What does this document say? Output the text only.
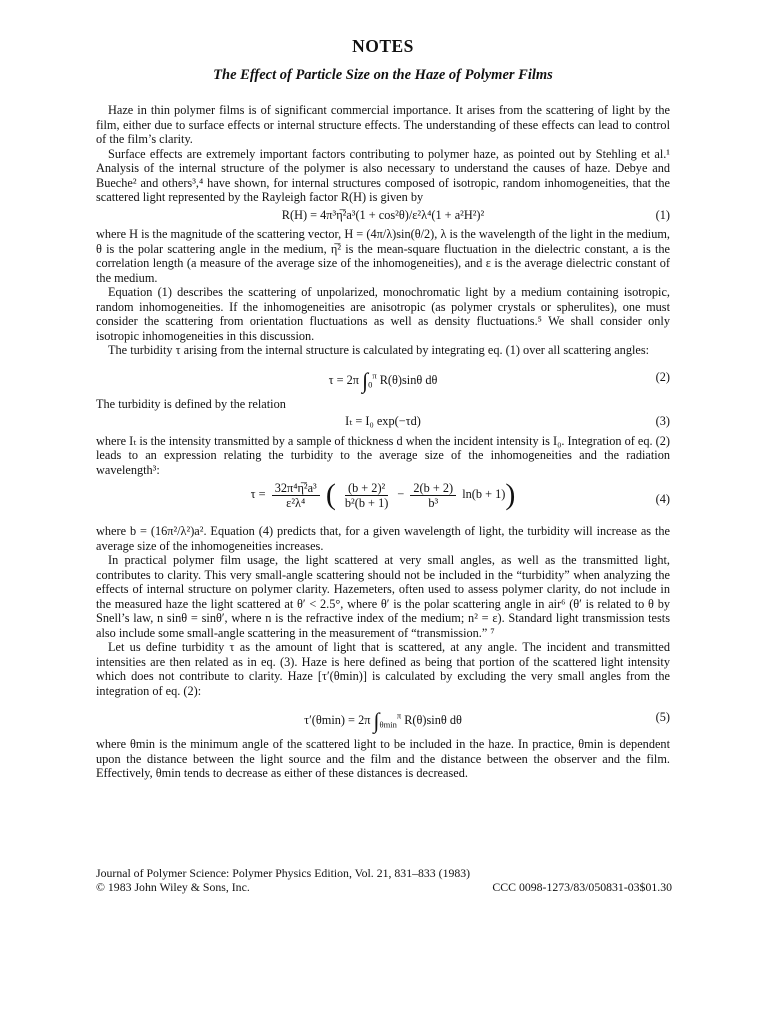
NOTES
The Effect of Particle Size on the Haze of Polymer Films

Haze in thin polymer films is of significant commercial importance. It arises from the scattering of light by the film, either due to surface effects or internal structure effects. The understanding of these effects can lead to control of the film’s clarity.

Surface effects are extremely important factors contributing to polymer haze, as pointed out by Stehling et al.¹ Analysis of the internal structure of the polymer is also necessary to understand the causes of haze. Debye and Bueche² and others³,⁴ have shown, for internal structures composed of isotropic, random inhomogeneities, that the scattered light represented by the Rayleigh factor R(H) is given by

R(H) = 4π³η̅²a³(1 + cos²θ)/ε²λ⁴(1 + a²H²)²	(1)

where H is the magnitude of the scattering vector, H = (4π/λ)sin(θ/2), λ is the wavelength of the light in the medium, θ is the polar scattering angle in the medium, η̅² is the mean-square fluctuation in the dielectric constant, a is the correlation length (a measure of the average size of the inhomogeneities), and ε is the average dielectric constant of the medium.

Equation (1) describes the scattering of unpolarized, monochromatic light by a medium containing isotropic, random inhomogeneities. If the inhomogeneities are anisotropic (as polymer crystals or spherulites), one must consider the scattering from orientation fluctuations as well as density fluctuations.⁵ We shall consider only isotropic inhomogeneities in this discussion.

The turbidity τ arising from the internal structure is calculated by integrating eq. (1) over all scattering angles:

τ = 2π $\int_0^\pi$ R(θ)sinθ dθ	(2)

The turbidity is defined by the relation

Iₜ = I₀ exp(−τd)	(3)

where Iₜ is the intensity transmitted by a sample of thickness d when the incident intensity is I₀. Integration of eq. (2) leads to an expression relating the turbidity to the average size of the inhomogeneities and the radiation wavelength³:

$\tau = \frac{\text{32π⁴η̅²a³}}{\text{ε²λ⁴}}$ ( $\frac{\text{(b + 2)²}}{\text{b²(b + 1)}} - \frac{2(b + 2)}{\text{b³}} \ln(b + 1)$)	(4)

where b = (16π²/λ²)a². Equation (4) predicts that, for a given wavelength of light, the turbidity will increase as the average size of the inhomogeneities increases.

In practical polymer film usage, the light scattered at very small angles, as well as the transmitted light, contributes to clarity. This very small-angle scattering should not be included in the “turbidity” when analyzing the effects of internal structure on polymer clarity. Hazemeters, often used to assess polymer clarity, do not include in the measured haze the light scattered at θ′ < 2.5°, where θ′ is the polar scattering angle in air⁶ (θ′ is related to θ by Snell’s law, n sinθ = sinθ′, where n is the refractive index of the medium; n² = ε). Standard light transmission tests also include some small-angle scattering in the measurement of “transmission.” ⁷

Let us define turbidity τ as the amount of light that is scattered, at any angle. The incident and transmitted intensities are then related as in eq. (3). Haze is here defined as being that portion of the scattered light intensity which does not contribute to clarity. Haze [τ′(θmin)] is calculated by excluding the very small angles from the integration of eq. (2):

τ′(θmin) = 2π $\int_{\theta min}^\pi$ R(θ)sinθ dθ	(5)

where θmin is the minimum angle of the scattered light to be included in the haze. In practice, θmin is dependent upon the distance between the light source and the film and the distance between the observer and the film. Effectively, θmin tends to decrease as either of these distances is decreased.

Journal of Polymer Science: Polymer Physics Edition, Vol. 21, 831–833 (1983)
© 1983 John Wiley & Sons, Inc.	CCC 0098-1273/83/050831-03$01.30
